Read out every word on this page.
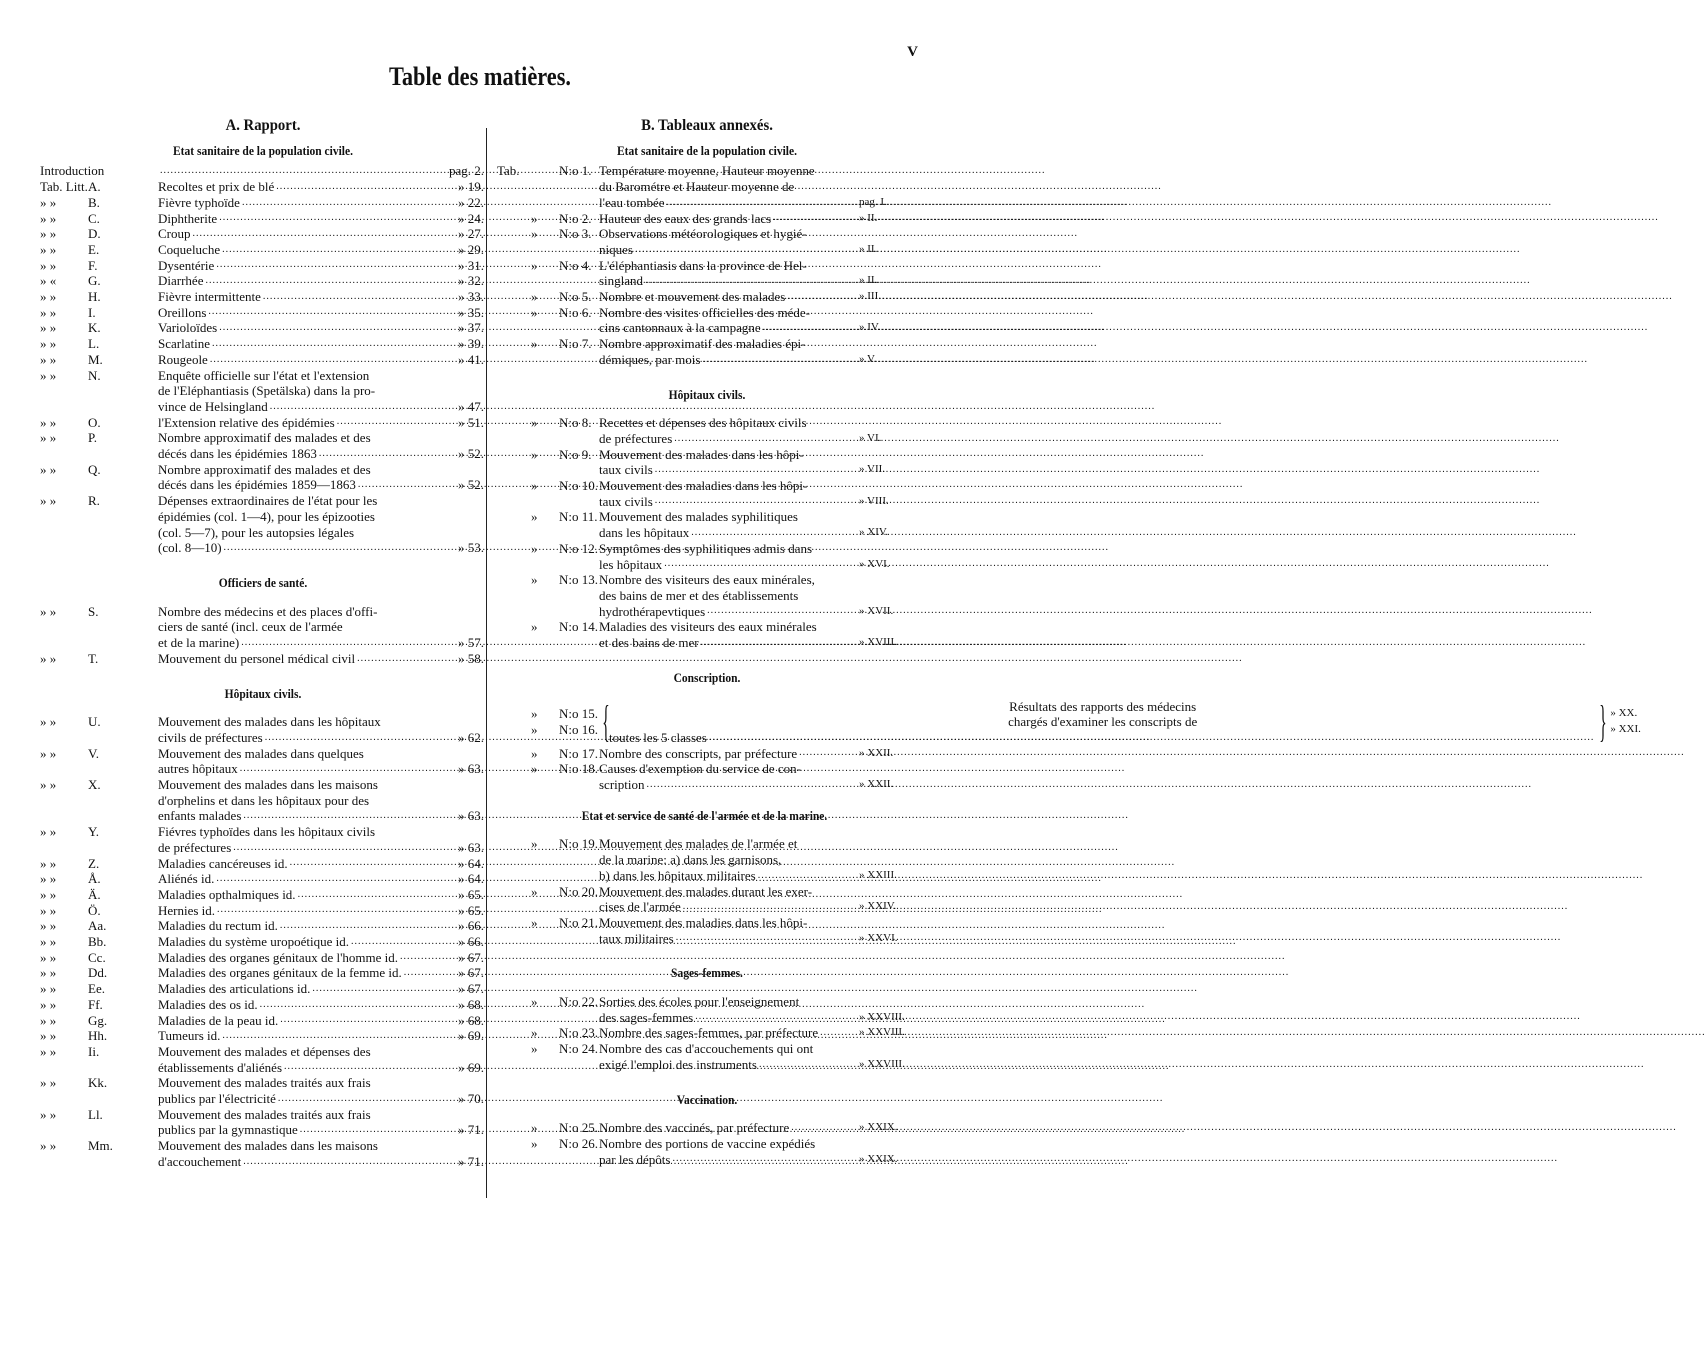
V
Table des matières.
A. Rapport.
Etat sanitaire de la population civile.
Introduction .....	pag. 2.
Tab. Litt. A.	Recoltes et prix de blé .....	» 19.
» »	B.	Fièvre typhoïde .....	» 22.
» »	C.	Diphtherite .....	» 24.
» »	D.	Croup .....	» 27.
» »	E.	Coqueluche .....	» 29.
» »	F.	Dysentérie .....	» 31.
» «	G.	Diarrhée .....	» 32.
» »	H.	Fièvre intermittente .....	» 33.
» »	I.	Oreillons .....	» 35.
» »	K.	Varioloïdes .....	» 37.
» »	L.	Scarlatine .....	» 39.
» »	M.	Rougeole .....	» 41.
» »	N.	Enquête officielle sur l'état et l'extension
de l'Eléphantiasis (Spetälska) dans la pro-
vince de Helsingland .....	» 47.
» »	O.	l'Extension relative des épidémies .....	» 51.
» »	P.	Nombre approximatif des malades et des
décés dans les épidémies 1863 .....	» 52.
» »	Q.	Nombre approximatif des malades et des
décés dans les épidémies 1859—1863 .....	» 52.
» »	R.	Dépenses extraordinaires de l'état pour les
épidémies (col. 1—4), pour les épizooties
(col. 5—7), pour les autopsies légales
(col. 8—10) .....	» 53.
Officiers de santé.
» »	S.	Nombre des médecins et des places d'offi-
ciers de santé (incl. ceux de l'armée
et de la marine) .....	» 57.
» »	T.	Mouvement du personel médical civil .....	» 58.
Hôpitaux civils.
» »	U.	Mouvement des malades dans les hôpitaux
civils de préfectures .....	» 62.
» »	V.	Mouvement des malades dans quelques
autres hôpitaux .....	» 63.
» »	X.	Mouvement des malades dans les maisons
d'orphelins et dans les hôpitaux pour des
enfants malades .....	» 63.
» »	Y.	Fiévres typhoïdes dans les hôpitaux civils
de préfectures .....	» 63.
» »	Z.	Maladies cancéreuses id. .....	» 64.
» »	Å.	Aliénés id. .....	» 64.
» »	Ä.	Maladies opthalmiques id. .....	» 65.
» »	Ö.	Hernies id. .....	» 65.
» »	Aa.	Maladies du rectum id. .....	» 66.
» »	Bb.	Maladies du système uropoétique id. .....	» 66.
» »	Cc.	Maladies des organes génitaux de l'homme id. .....	» 67.
» »	Dd.	Maladies des organes génitaux de la femme id. .....	» 67.
» »	Ee.	Maladies des articulations id. .....	» 67.
» »	Ff.	Maladies des os id. .....	» 68.
» »	Gg.	Maladies de la peau id. .....	» 68.
» »	Hh.	Tumeurs id. .....	» 69.
» »	Ii.	Mouvement des malades et dépenses des
établissements d'aliénés .....	» 69.
» »	Kk.	Mouvement des malades traités aux frais
publics par l'électricité .....	» 70.
» »	Ll.	Mouvement des malades traités aux frais
publics par la gymnastique .....	» 71.
» »	Mm.	Mouvement des malades dans les maisons
d'accouchement .....	» 71.
B. Tableaux annexés.
Etat sanitaire de la population civile.
Tab.	N:o 1. Température moyenne, Hauteur moyenne
du Barométre et Hauteur moyenne de
l'eau tombée .....	pag. I.
»	N:o 2. Hauteur des eaux des grands lacs .....	» II.
»	N:o 3. Observations météorologiques et hygié-
niques .....	» II.
»	N:o 4. L'éléphantiasis dans la province de Hel-
singland .....	» II.
»	N:o 5. Nombre et mouvement des malades .....	» III.
»	N:o 6. Nombre des visites officielles des méde-
cins cantonnaux à la campagne .....	» IV.
»	N:o 7. Nombre approximatif des maladies épi-
démiques, par mois .....	» V.
Hôpitaux civils.
»	N:o 8. Recettes et dépenses des hôpitaux civils
de préfectures .....	» VI.
»	N:o 9. Mouvement des malades dans les hôpi-
taux civils .....	» VII.
»	N:o 10. Mouvement des maladies dans les hôpi-
taux civils .....	» VIII.
»	N:o 11. Mouvement des malades syphilitiques
dans les hôpitaux .....	» XIV.
»	N:o 12. Symptômes des syphilitiques admis dans
les hôpitaux .....	» XVI.
»	N:o 13. Nombre des visiteurs des eaux minérales,
des bains de mer et des établissements
hydrothérapevtiques .....	» XVII.
»	N:o 14. Maladies des visiteurs des eaux minérales
et des bains de mer .....	» XVIII.
Conscription.
»	N:o 15.
»	N:o 16. {	Résultats des rapports des médecins
chargés d'examiner les conscripts de
toutes les 5 classes .....	} » XX.
» XXI.
»	N:o 17. Nombre des conscripts, par préfecture .....	» XXII.
»	N:o 18. Causes d'exemption du service de con-
scription .....	» XXII.
Etat et service de santé de l'armée et de la marine.
»	N:o 19. Mouvement des malades de l'armée et
de la marine: a) dans les garnisons,
b) dans les hôpitaux militaires .....	» XXIII.
»	N:o 20. Mouvement des malades durant les exer-
cises de l'armée .....	» XXIV.
»	N:o 21. Mouvement des maladies dans les hôpi-
taux militaires .....	» XXVI.
Sages-femmes.
»	N:o 22. Sorties des écoles pour l'enseignement
des sages-femmes .....	» XXVIII.
»	N:o 23. Nombre des sages-femmes, par préfecture .....	» XXVIII.
»	N:o 24. Nombre des cas d'accouchements qui ont
exigé l'emploi des instruments .....	» XXVIII.
Vaccination.
»	N:o 25. Nombre des vaccinés, par préfecture .....	» XXIX.
»	N:o 26. Nombre des portions de vaccine expédiés
par les dépôts .....	» XXIX.
